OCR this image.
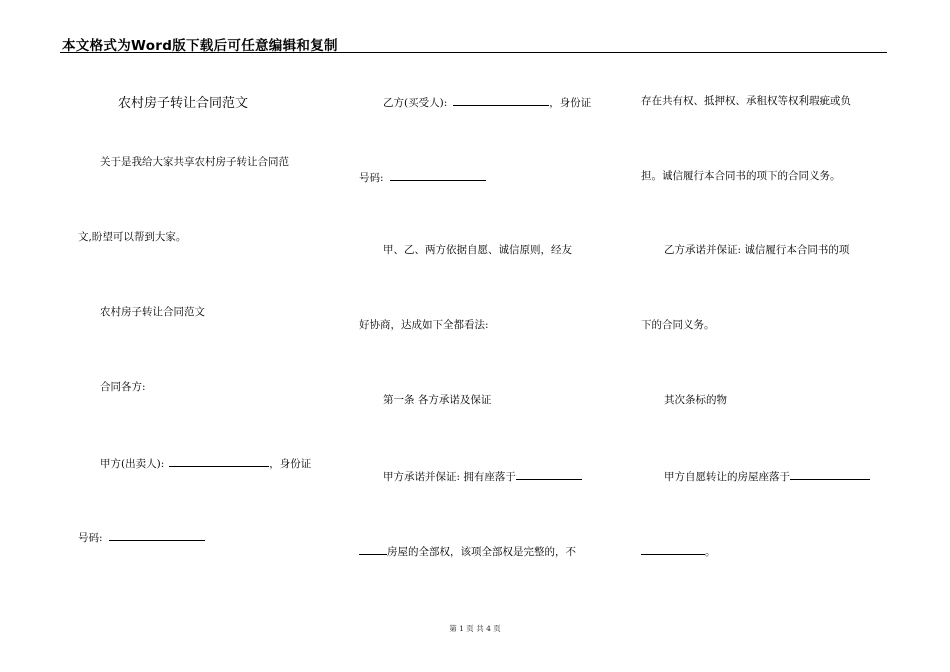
本文格式为Word版下载后可任意编辑和复制
农村房子转让合同范文
关于是我给大家共享农村房子转让合同范
文,盼望可以帮到大家。
农村房子转让合同范文
合同各方:
甲方(出卖人):	，身份证
号码:
乙方(买受人):	，身份证
号码:
甲、乙、两方依据自愿、诚信原则，经友
好协商，达成如下全都看法:
第一条 各方承诺及保证
甲方承诺并保证: 拥有座落于
房屋的全部权，该项全部权是完整的，不
存在共有权、抵押权、承租权等权利瑕疵或负
担。诚信履行本合同书的项下的合同义务。
乙方承诺并保证: 诚信履行本合同书的项
下的合同义务。
其次条标的物
甲方自愿转让的房屋座落于
。
第 1 页 共 4 页
